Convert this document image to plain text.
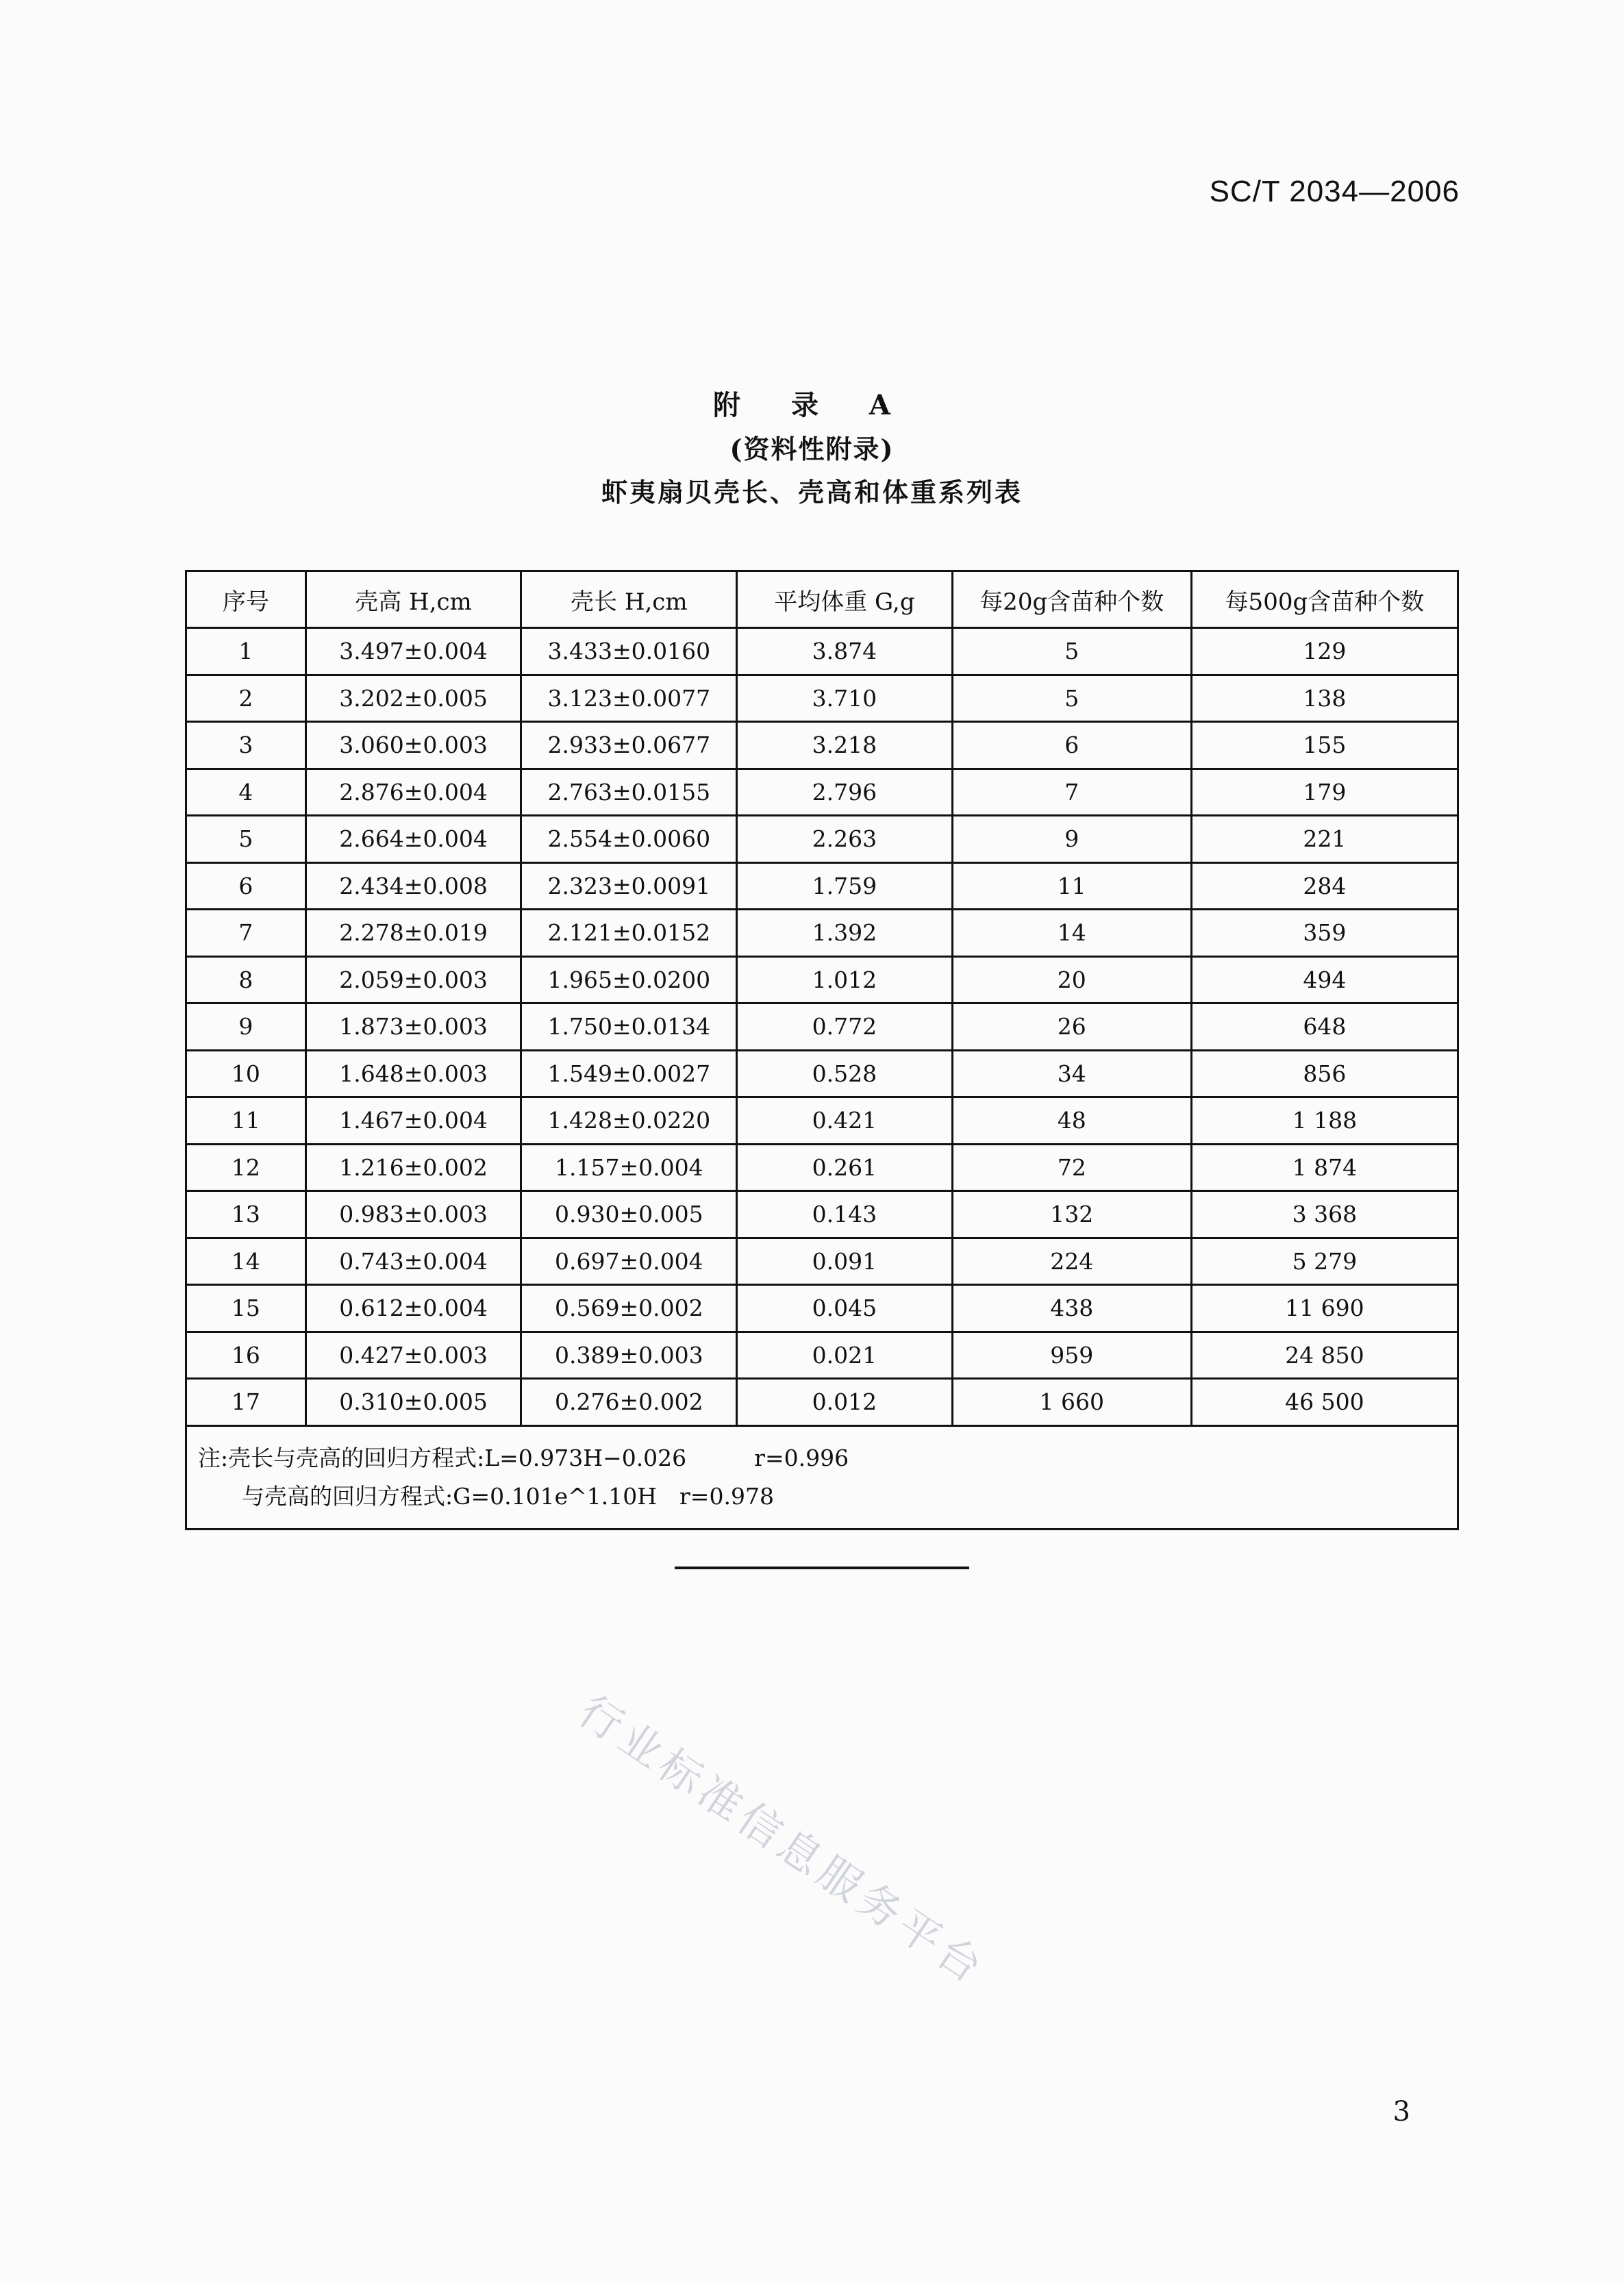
SC/T 2034—2006
附 录 A
(资料性附录)
虾夷扇贝壳长、壳高和体重系列表
序号	壳高 H,cm	壳长 H,cm	平均体重 G,g	每20g含苗种个数	每500g含苗种个数
1	3.497±0.004	3.433±0.0160	3.874	5	129
2	3.202±0.005	3.123±0.0077	3.710	5	138
3	3.060±0.003	2.933±0.0677	3.218	6	155
4	2.876±0.004	2.763±0.0155	2.796	7	179
5	2.664±0.004	2.554±0.0060	2.263	9	221
6	2.434±0.008	2.323±0.0091	1.759	11	284
7	2.278±0.019	2.121±0.0152	1.392	14	359
8	2.059±0.003	1.965±0.0200	1.012	20	494
9	1.873±0.003	1.750±0.0134	0.772	26	648
10	1.648±0.003	1.549±0.0027	0.528	34	856
11	1.467±0.004	1.428±0.0220	0.421	48	1 188
12	1.216±0.002	1.157±0.004	0.261	72	1 874
13	0.983±0.003	0.930±0.005	0.143	132	3 368
14	0.743±0.004	0.697±0.004	0.091	224	5 279
15	0.612±0.004	0.569±0.002	0.045	438	11 690
16	0.427±0.003	0.389±0.003	0.021	959	24 850
17	0.310±0.005	0.276±0.002	0.012	1 660	46 500

注:壳长与壳高的回归方程式:L=0.973H−0.026　　　r=0.996
与壳高的回归方程式:G=0.101e^1.10H　r=0.978					
行业标准信息服务平台
3
